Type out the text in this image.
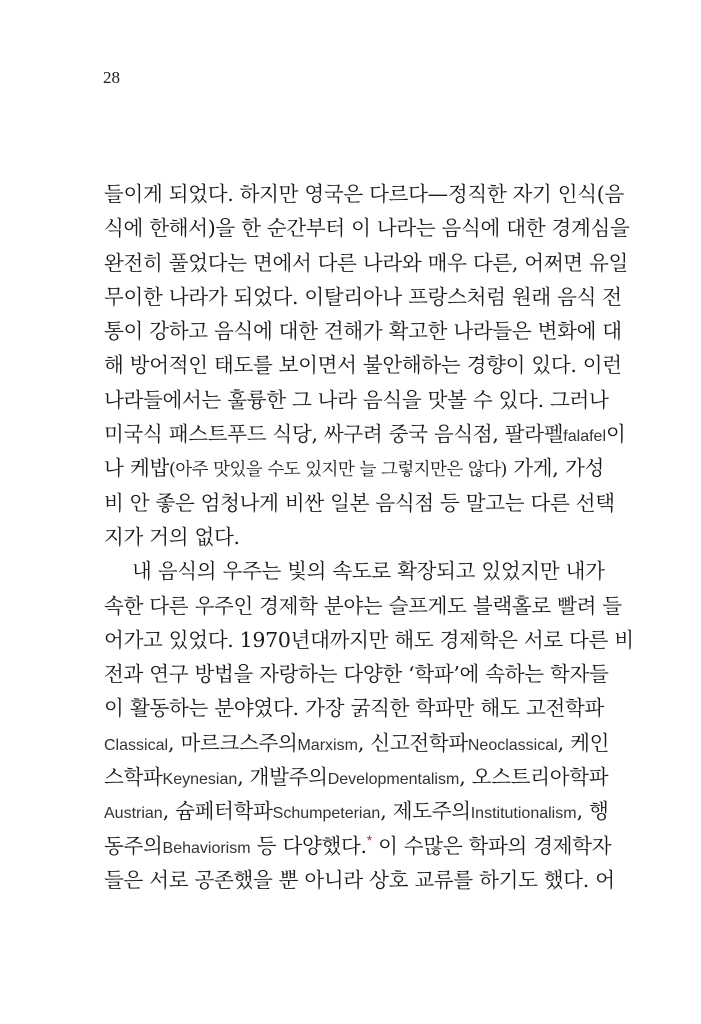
28
들이게 되었다. 하지만 영국은 다르다—정직한 자기 인식(음
식에 한해서)을 한 순간부터 이 나라는 음식에 대한 경계심을
완전히 풀었다는 면에서 다른 나라와 매우 다른, 어쩌면 유일
무이한 나라가 되었다. 이탈리아나 프랑스처럼 원래 음식 전
통이 강하고 음식에 대한 견해가 확고한 나라들은 변화에 대
해 방어적인 태도를 보이면서 불안해하는 경향이 있다. 이런
나라들에서는 훌륭한 그 나라 음식을 맛볼 수 있다. 그러나
미국식 패스트푸드 식당, 싸구려 중국 음식점, 팔라펠falafel이
나 케밥(아주 맛있을 수도 있지만 늘 그렇지만은 않다) 가게, 가성
비 안 좋은 엄청나게 비싼 일본 음식점 등 말고는 다른 선택
지가 거의 없다.
내 음식의 우주는 빛의 속도로 확장되고 있었지만 내가
속한 다른 우주인 경제학 분야는 슬프게도 블랙홀로 빨려 들
어가고 있었다. 1970년대까지만 해도 경제학은 서로 다른 비
전과 연구 방법을 자랑하는 다양한 ‘학파’에 속하는 학자들
이 활동하는 분야였다. 가장 굵직한 학파만 해도 고전학파
Classical, 마르크스주의Marxism, 신고전학파Neoclassical, 케인
스학파Keynesian, 개발주의Developmentalism, 오스트리아학파
Austrian, 슘페터학파Schumpeterian, 제도주의Institutionalism, 행
동주의Behaviorism 등 다양했다.* 이 수많은 학파의 경제학자
들은 서로 공존했을 뿐 아니라 상호 교류를 하기도 했다. 어
